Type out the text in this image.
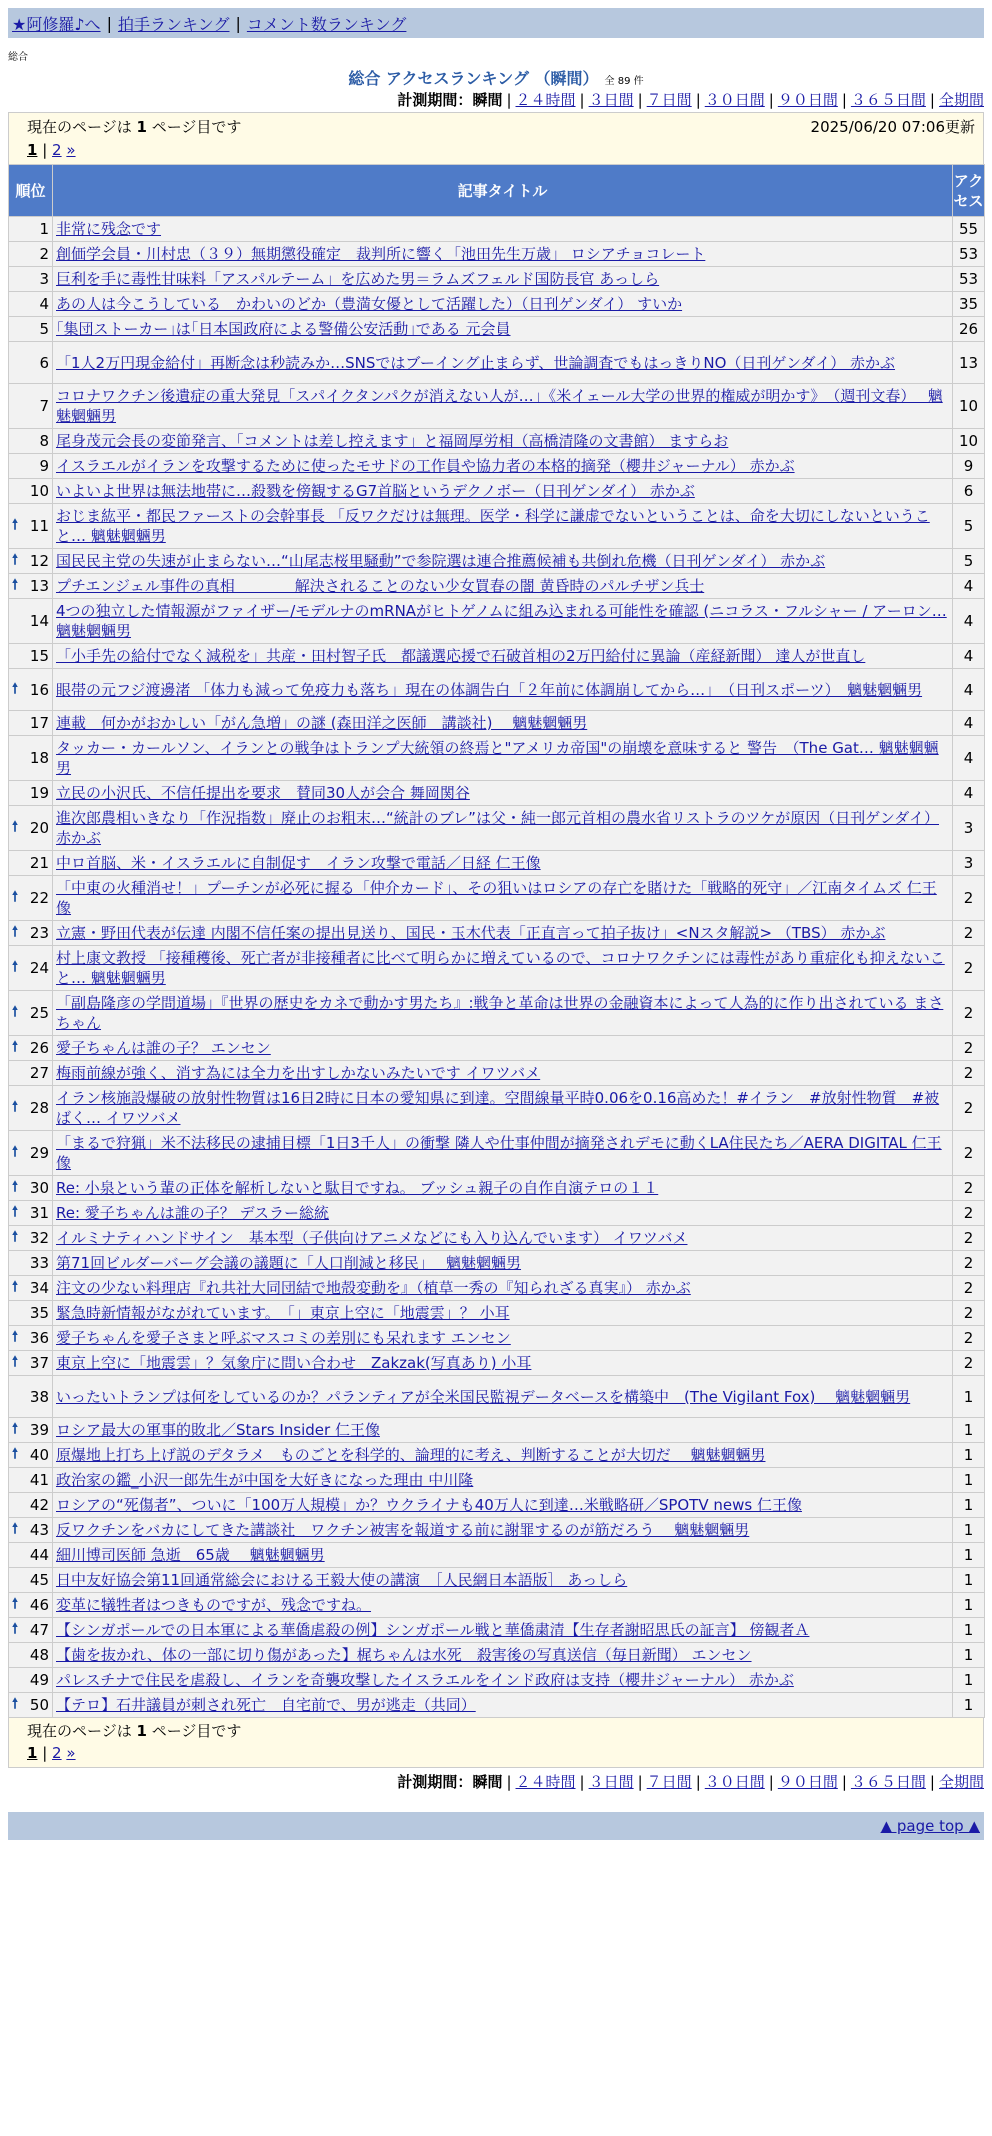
★阿修羅♪へ | 拍手ランキング | コメント数ランキング
総合
総合 アクセスランキング （瞬間） 全 89 件
計測期間：瞬間 | ２４時間 | ３日間 | ７日間 | ３０日間 | ９０日間 | ３６５日間 | 全期間
現在のページは 1 ページ目です	2025/06/20 07:06更新
1 | 2 »
順位	記事タイトル	アクセス
1	非常に残念です	55
2	創価学会員・川村忠（３９）無期懲役確定　裁判所に響く「池田先生万歳」 ロシアチョコレート	53
3	巨利を手に毒性甘味料「アスパルテーム」を広めた男＝ラムズフェルド国防長官 あっしら	53
4	あの人は今こうしている　かわいのどか（豊満女優として活躍した）（日刊ゲンダイ） すいか	35
5	｢集団ストーカー｣は｢日本国政府による警備公安活動｣である 元会員	26
6	「1人2万円現金給付」再断念は秒読みか…SNSではブーイング止まらず、世論調査でもはっきりNO（日刊ゲンダイ） 赤かぶ	13
7	コロナワクチン後遺症の重大発見「スパイクタンパクが消えない人が…」《米イェール大学の世界的権威が明かす》　（週刊文春）　 魑魅魍魎男	10
8	尾身茂元会長の変節発言、「コメントは差し控えます」と福岡厚労相（高橋清隆の文書館） ますらお	10
9	イスラエルがイランを攻撃するために使ったモサドの工作員や協力者の本格的摘発（櫻井ジャーナル） 赤かぶ	9
10	いよいよ世界は無法地帯に…殺戮を傍観するG7首脳というデクノボー（日刊ゲンダイ） 赤かぶ	6

🠕 11	おじま紘平・都民ファーストの会幹事長 「反ワクだけは無理。医学・科学に謙虚でないということは、命を大切にしないということ… 魑魅魍魎男	5

🠕 12	国民民主党の失速が止まらない…“山尾志桜里騒動”で参院選は連合推薦候補も共倒れ危機（日刊ゲンダイ） 赤かぶ	5

🠕 13	プチエンジェル事件の真相　　　　解決されることのない少女買春の闇 黄昏時のパルチザン兵士	4
14	4つの独立した情報源がファイザー/モデルナのmRNAがヒトゲノムに組み込まれる可能性を確認 (ニコラス・フルシャー / アーロン… 魑魅魍魎男	4
15	「小手先の給付でなく減税を」共産・田村智子氏　都議選応援で石破首相の2万円給付に異論（産経新聞） 達人が世直し	4

🠕 16	眼帯の元フジ渡邊渚 「体力も減って免疫力も落ち」現在の体調告白「２年前に体調崩してから…」　（日刊スポーツ）　魑魅魍魎男	4
17	連載　何かがおかしい「がん急増」の謎 (森田洋之医師　講談社)　 魑魅魍魎男	4
18	タッカー・カールソン、イランとの戦争はトランプ大統領の終焉と"アメリカ帝国"の崩壊を意味すると 警告　（The Gat… 魑魅魍魎男	4
19	立民の小沢氏、不信任提出を要求　賛同30人が会合 舞岡関谷	4

🠕 20	進次郎農相いきなり「作況指数」廃止のお粗末…“統計のブレ”は父・純一郎元首相の農水省リストラのツケが原因（日刊ゲンダイ） 赤かぶ	3
21	中ロ首脳、米・イスラエルに自制促す　イラン攻撃で電話／日経 仁王像	3

🠕 22	「中東の火種消せ！」プーチンが必死に握る「仲介カード」、その狙いはロシアの存亡を賭けた「戦略的死守」／江南タイムズ 仁王像	2

🠕 23	立憲・野田代表が伝達 内閣不信任案の提出見送り、国民・玉木代表「正直言って拍子抜け」<Nスタ解説> （TBS） 赤かぶ	2

🠕 24	村上康文教授 「接種穫後、死亡者が非接種者に比べて明らかに増えているので、コロナワクチンには毒性があり重症化も抑えないこと… 魑魅魍魎男	2

🠕 25	「副島隆彦の学問道場」『世界の歴史をカネで動かす男たち』:戦争と革命は世界の金融資本によって人為的に作り出されている まさちゃん	2

🠕 26	愛子ちゃんは誰の子？ エンセン	2
27	梅雨前線が強く、消す為には全力を出すしかないみたいです イワツバメ	2

🠕 28	イラン核施設爆破の放射性物質は16日2時に日本の愛知県に到達。空間線量平時0.06を0.16高めた！#イラン　#放射性物質　#被ばく… イワツバメ	2

🠕 29	「まるで狩猟」米不法移民の逮捕目標「1日3千人」の衝撃 隣人や仕事仲間が摘発されデモに動くLA住民たち／AERA DIGITAL 仁王像	2

🠕 30	Re: 小泉という輩の正体を解析しないと駄目ですね。 ブッシュ親子の自作自演テロの１１	2

🠕 31	Re: 愛子ちゃんは誰の子？ デスラー総統	2

🠕 32	イルミナティハンドサイン　基本型（子供向けアニメなどにも入り込んでいます） イワツバメ	2
33	第71回ビルダーバーグ会議の議題に「人口削減と移民」　 魑魅魍魎男	2

🠕 34	注文の少ない料理店『れ共社大同団結で地殻変動を』（植草一秀の『知られざる真実』） 赤かぶ	2
35	緊急時新情報がながれています。　「」東京上空に「地震雲」？ 小耳	2

🠕 36	愛子ちゃんを愛子さまと呼ぶマスコミの差別にも呆れます エンセン	2

🠕 37	東京上空に「地震雲」？気象庁に問い合わせ　Zakzak(写真あり) 小耳	2
38	いったいトランプは何をしているのか？パランティアが全米国民監視データベースを構築中　(The Vigilant Fox)　 魑魅魍魎男	1

🠕 39	ロシア最大の軍事的敗北／Stars Insider 仁王像	1

🠕 40	原爆地上打ち上げ説のデタラメ　ものごとを科学的、論理的に考え、判断することが大切だ　 魑魅魍魎男	1
41	政治家の鑑_小沢一郎先生が中国を大好きになった理由 中川隆	1
42	ロシアの“死傷者”、ついに「100万人規模」か？ウクライナも40万人に到達…米戦略研／SPOTV news 仁王像	1

🠕 43	反ワクチンをバカにしてきた講談社　ワクチン被害を報道する前に謝罪するのが筋だろう　 魑魅魍魎男	1
44	細川博司医師 急逝　65歳　 魑魅魍魎男	1
45	日中友好協会第11回通常総会における王毅大使の講演　［人民網日本語版］ あっしら	1

🠕 46	変革に犠牲者はつきものですが、残念ですね。	1

🠕 47	【シンガポールでの日本軍による華僑虐殺の例】シンガポール戦と華僑粛清【生存者謝昭思氏の証言】 傍観者Ａ	1
48	【歯を抜かれ、体の一部に切り傷があった】梶ちゃんは水死　殺害後の写真送信（毎日新聞） エンセン	1
49	パレスチナで住民を虐殺し、イランを奇襲攻撃したイスラエルをインド政府は支持（櫻井ジャーナル） 赤かぶ	1

🠕 50	【テロ】石井議員が刺され死亡　自宅前で、男が逃走（共同）	1
現在のページは 1 ページ目です
1 | 2 »
計測期間：瞬間 | ２４時間 | ３日間 | ７日間 | ３０日間 | ９０日間 | ３６５日間 | 全期間
▲ page top ▲
